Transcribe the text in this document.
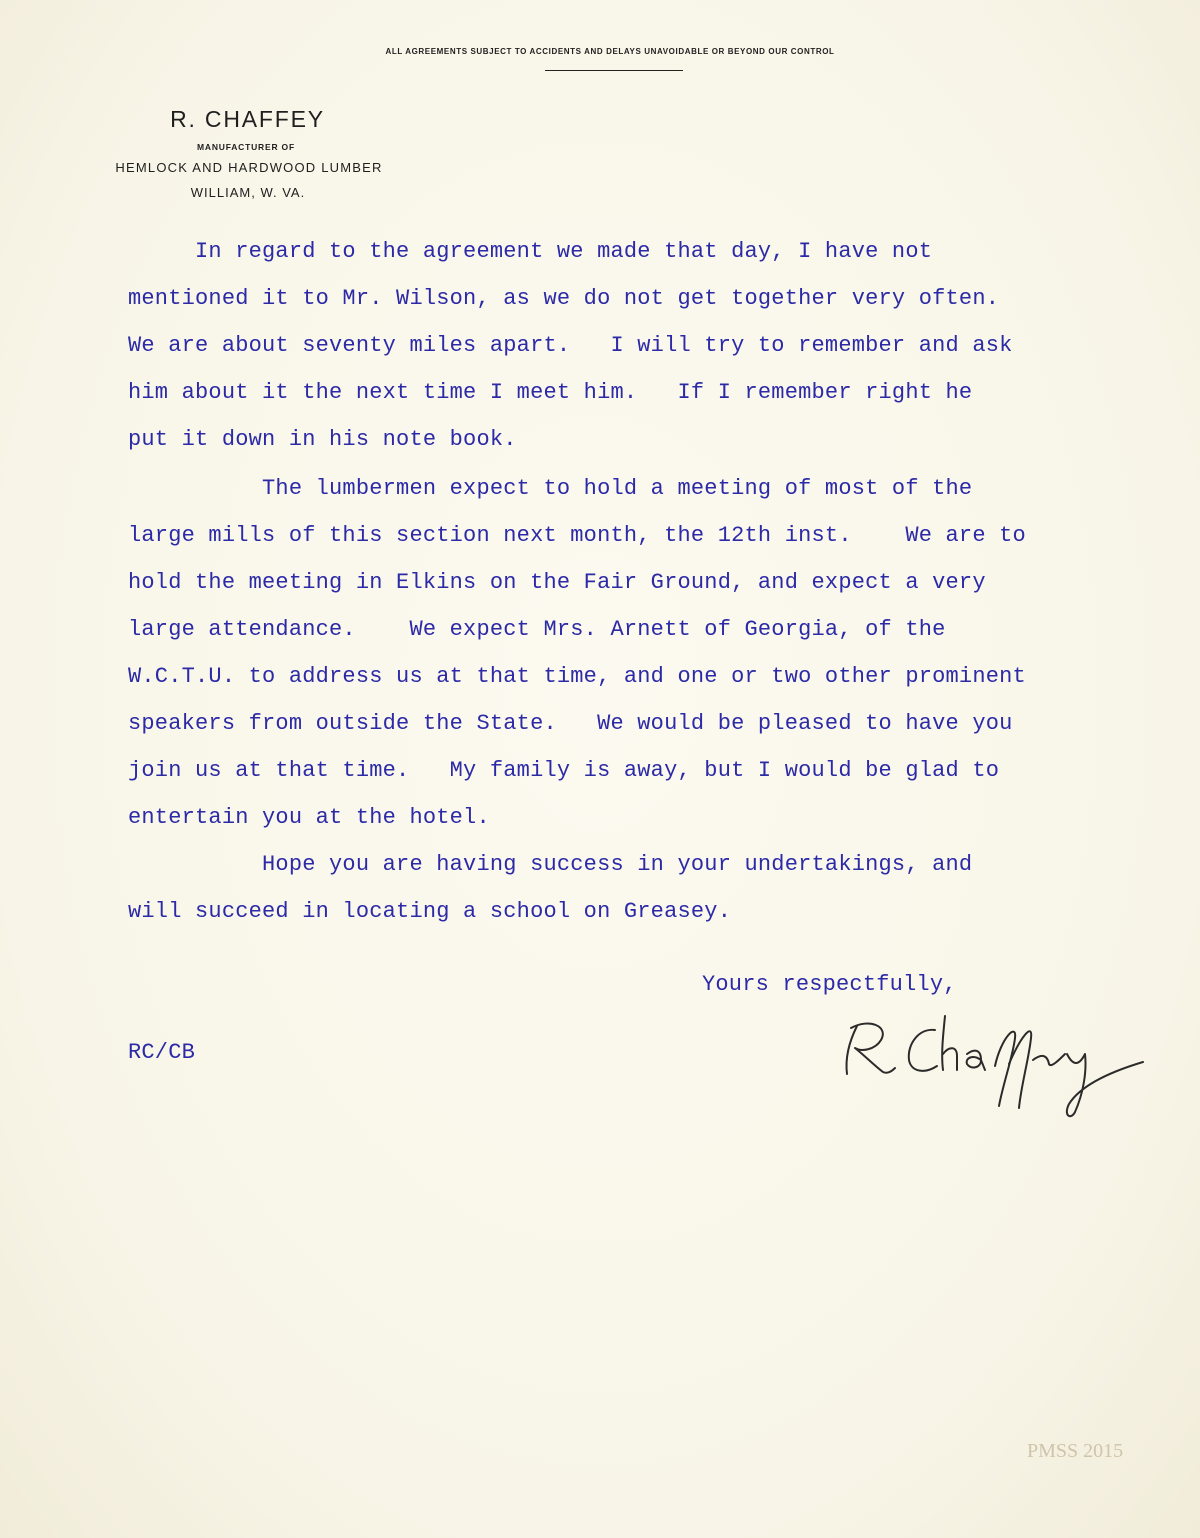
ALL AGREEMENTS SUBJECT TO ACCIDENTS AND DELAYS UNAVOIDABLE OR BEYOND OUR CONTROL
R. CHAFFEY
MANUFACTURER OF
HEMLOCK AND HARDWOOD LUMBER
WILLIAM, W. VA.
In regard to the agreement we made that day, I have not
mentioned it to Mr. Wilson, as we do not get together very often.
We are about seventy miles apart.   I will try to remember and ask
him about it the next time I meet him.   If I remember right he
put it down in his note book.
The lumbermen expect to hold a meeting of most of the
large mills of this section next month, the 12th inst.    We are to
hold the meeting in Elkins on the Fair Ground, and expect a very
large attendance.    We expect Mrs. Arnett of Georgia, of the
W.C.T.U. to address us at that time, and one or two other prominent
speakers from outside the State.   We would be pleased to have you
join us at that time.   My family is away, but I would be glad to
entertain you at the hotel.
Hope you are having success in your undertakings, and
will succeed in locating a school on Greasey.
Yours respectfully,
RC/CB
PMSS 2015
